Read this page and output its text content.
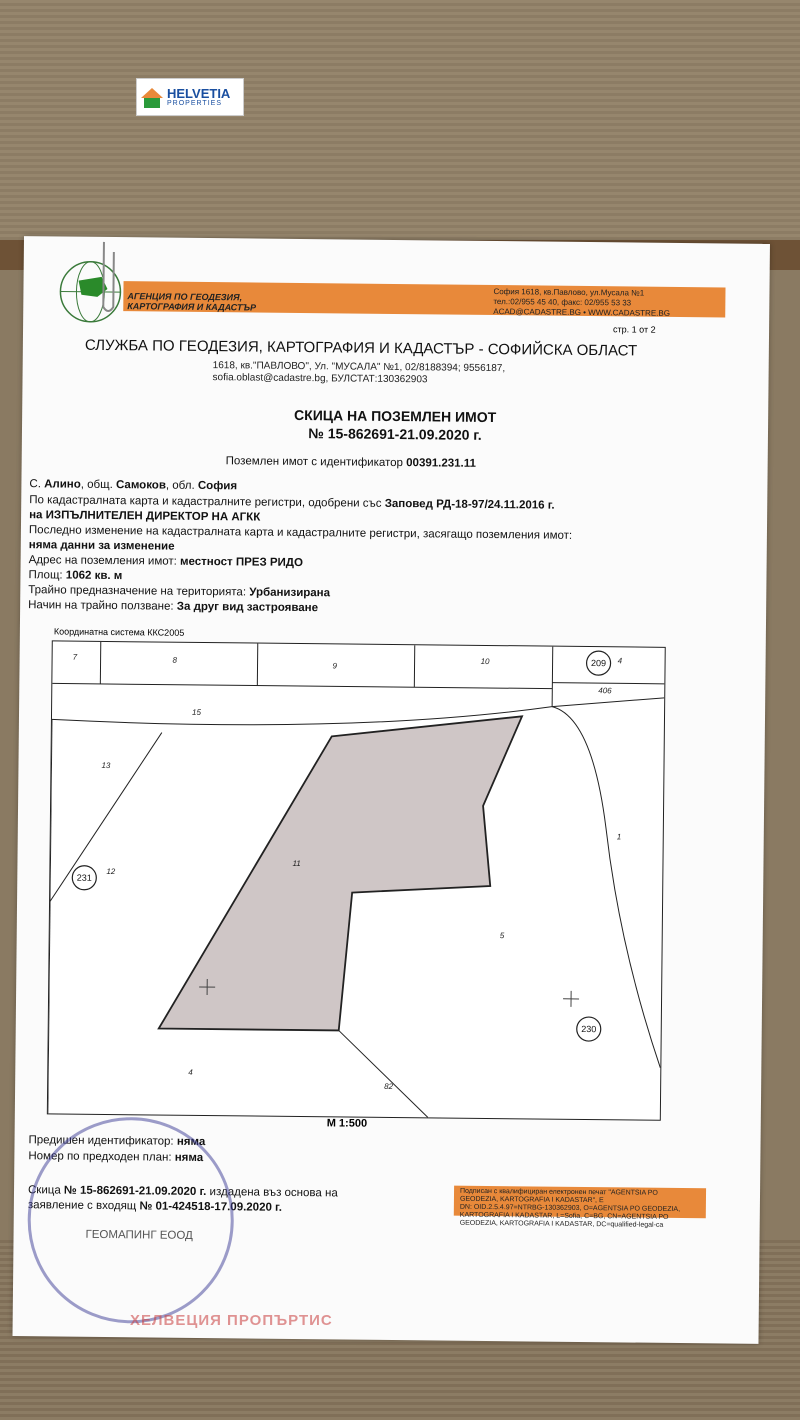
HELVETIA
PROPERTIES
АГЕНЦИЯ ПО ГЕОДЕЗИЯ,
КАРТОГРАФИЯ И КАДАСТЪР
София 1618, кв.Павлово, ул.Мусала №1
тел.:02/955 45 40, факс: 02/955 53 33
ACAD@CADASTRE.BG • WWW.CADASTRE.BG
стр. 1 от 2
СЛУЖБА ПО ГЕОДЕЗИЯ, КАРТОГРАФИЯ И КАДАСТЪР - СОФИЙСКА ОБЛАСТ
1618, кв."ПАВЛОВО", Ул. "МУСАЛА" №1, 02/8188394; 9556187,
sofia.oblast@cadastre.bg, БУЛСТАТ:130362903
СКИЦА НА ПОЗЕМЛЕН ИМОТ
№ 15-862691-21.09.2020 г.
Поземлен имот с идентификатор 00391.231.11
С. Алино, общ. Самоков, обл. София
По кадастралната карта и кадастралните регистри, одобрени със Заповед РД-18-97/24.11.2016 г.
на ИЗПЪЛНИТЕЛЕН ДИРЕКТОР НА АГКК
Последно изменение на кадастралната карта и кадастралните регистри, засягащо поземления имот:
няма данни за изменение
Адрес на поземления имот: местност ПРЕЗ РИДО
Площ: 1062 кв. м
Трайно предназначение на територията: Урбанизирана
Начин на трайно ползване: За друг вид застрояване
Координатна система ККС2005
7	8
9	10	4
406
15
13
12
11
1
5
4
82
209
231
230
М 1:500
Предишен идентификатор: няма
Номер по предходен план: няма
Скица № 15-862691-21.09.2020 г. издадена въз основа на
заявление с входящ № 01-424518-17.09.2020 г.
ГЕОМАПИНГ ЕООД
Подписан с квалифициран електронен печат "AGENTSIA PO
GEODEZIA, KARTOGRAFIA I KADASTAR", E
DN: OID.2.5.4.97=NTRBG-130362903, O=AGENTSIA PO GEODEZIA,
KARTOGRAFIA I KADASTAR, L=Sofia, C=BG, CN=AGENTSIA PO
GEODEZIA, KARTOGRAFIA I KADASTAR, DC=qualified-legal-ca
ХЕЛВЕЦИЯ ПРОПЪРТИС
